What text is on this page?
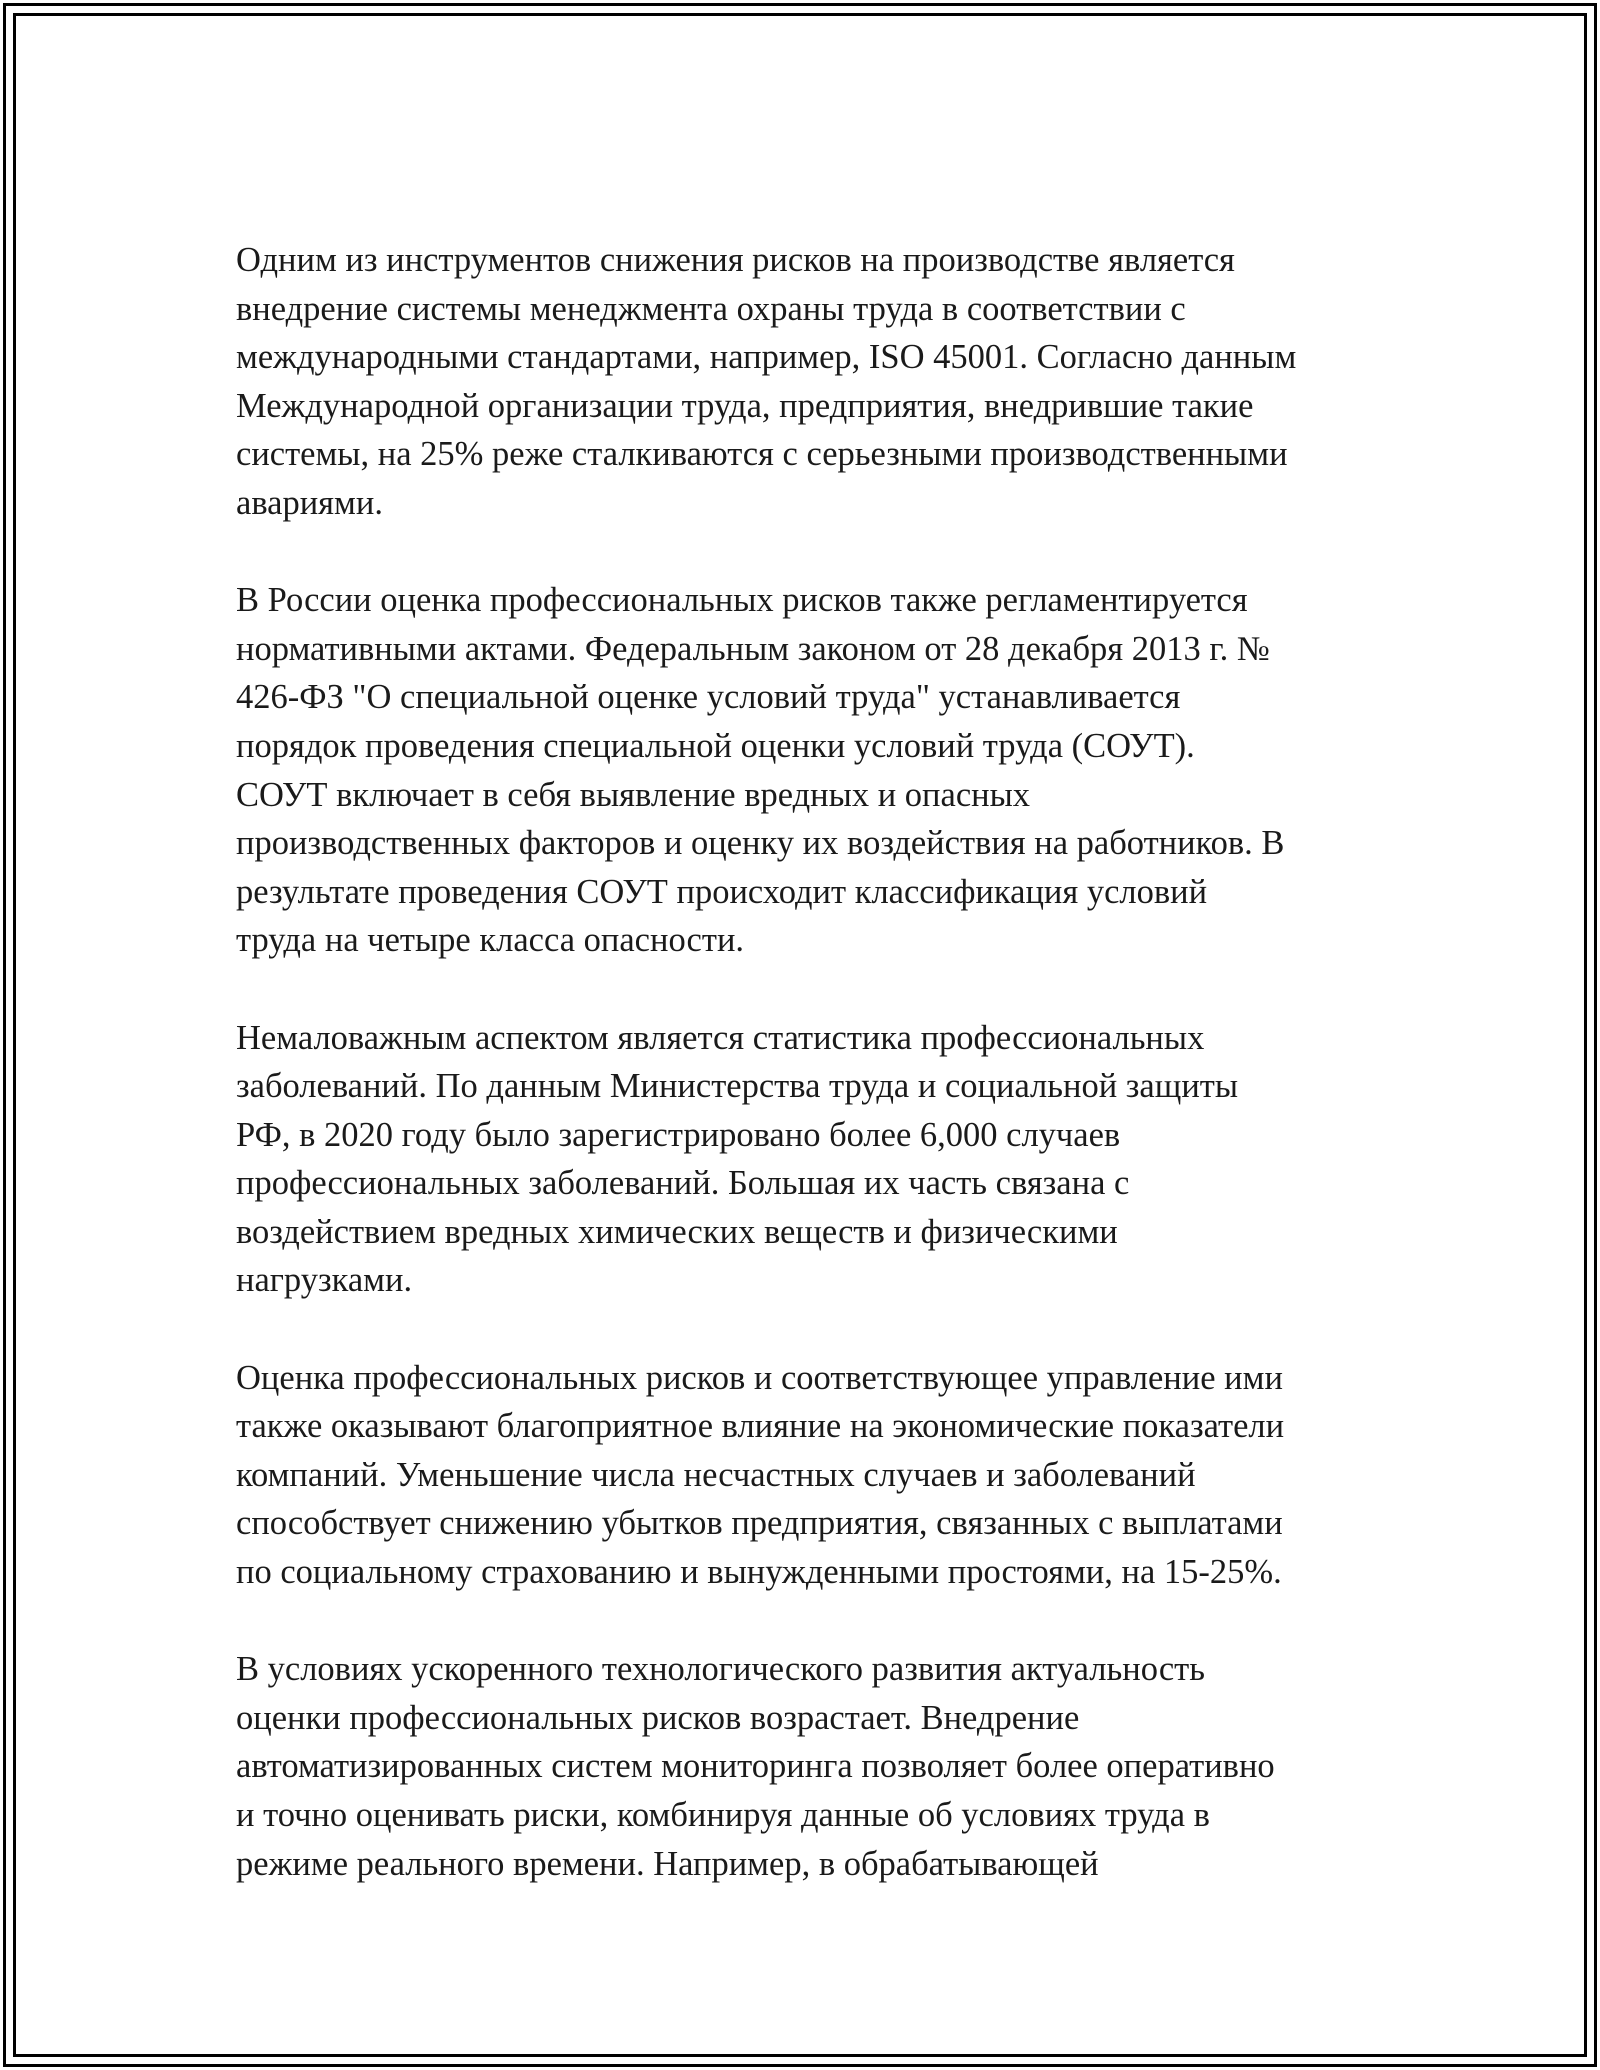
Одним из инструментов снижения рисков на производстве является
внедрение системы менеджмента охраны труда в соответствии с
международными стандартами, например, ISO 45001. Согласно данным
Международной организации труда, предприятия, внедрившие такие
системы, на 25% реже сталкиваются с серьезными производственными
авариями.

В России оценка профессиональных рисков также регламентируется
нормативными актами. Федеральным законом от 28 декабря 2013 г. №
426-ФЗ "О специальной оценке условий труда" устанавливается
порядок проведения специальной оценки условий труда (СОУТ).
СОУТ включает в себя выявление вредных и опасных
производственных факторов и оценку их воздействия на работников. В
результате проведения СОУТ происходит классификация условий
труда на четыре класса опасности.

Немаловажным аспектом является статистика профессиональных
заболеваний. По данным Министерства труда и социальной защиты
РФ, в 2020 году было зарегистрировано более 6,000 случаев
профессиональных заболеваний. Большая их часть связана с
воздействием вредных химических веществ и физическими
нагрузками.

Оценка профессиональных рисков и соответствующее управление ими
также оказывают благоприятное влияние на экономические показатели
компаний. Уменьшение числа несчастных случаев и заболеваний
способствует снижению убытков предприятия, связанных с выплатами
по социальному страхованию и вынужденными простоями, на 15-25%.

В условиях ускоренного технологического развития актуальность
оценки профессиональных рисков возрастает. Внедрение
автоматизированных систем мониторинга позволяет более оперативно
и точно оценивать риски, комбинируя данные об условиях труда в
режиме реального времени. Например, в обрабатывающей
